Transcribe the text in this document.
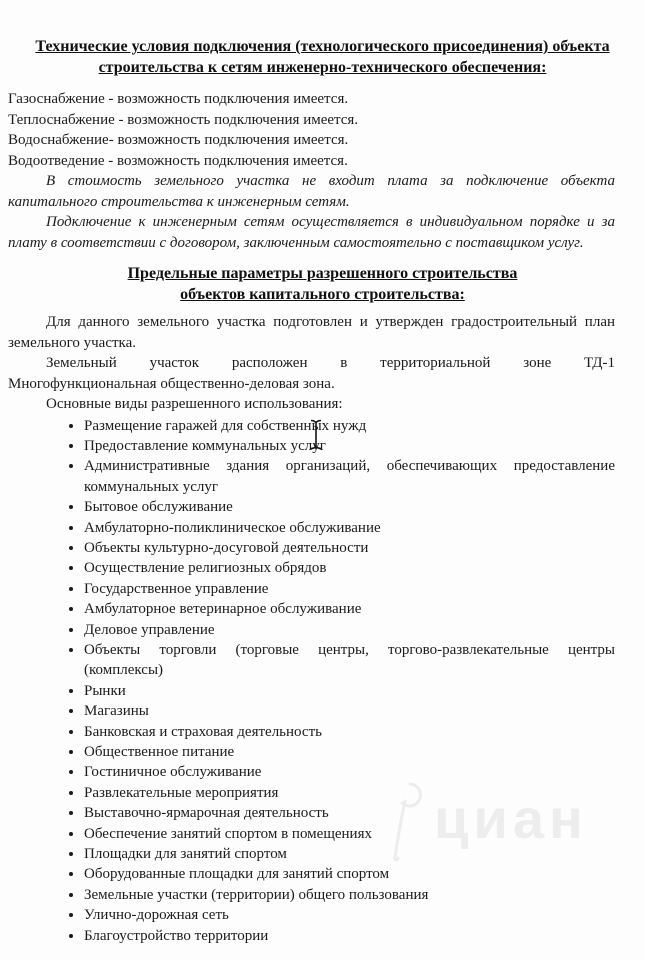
Технические условия подключения (технологического присоединения) объекта
строительства к сетям инженерно-технического обеспечения:
Газоснабжение - возможность подключения имеется.
Теплоснабжение - возможность подключения имеется.
Водоснабжение- возможность подключения имеется.
Водоотведение - возможность подключения имеется.
В стоимость земельного участка не входит плата за подключение объекта
капитального строительства к инженерным сетям.
Подключение к инженерным сетям осуществляется в индивидуальном порядке и за
плату в соответствии с договором, заключенным самостоятельно с поставщиком услуг.
Предельные параметры разрешенного строительства
объектов капитального строительства:
Для данного земельного участка подготовлен и утвержден градостроительный план
земельного участка.
Земельный участок расположен в территориальной зоне ТД-1
Многофункциональная общественно-деловая зона.
Основные виды разрешенного использования:
• Размещение гаражей для собственных нужд
• Предоставление коммунальных услуг
• Административные здания организаций, обеспечивающих предоставление коммунальных услуг
• Бытовое обслуживание
• Амбулаторно-поликлиническое обслуживание
• Объекты культурно-досуговой деятельности
• Осуществление религиозных обрядов
• Государственное управление
• Амбулаторное ветеринарное обслуживание
• Деловое управление
• Объекты торговли (торговые центры, торгово-развлекательные центры (комплексы)
• Рынки
• Магазины
• Банковская и страховая деятельность
• Общественное питание
• Гостиничное обслуживание
• Развлекательные мероприятия
• Выставочно-ярмарочная деятельность
• Обеспечение занятий спортом в помещениях
• Площадки для занятий спортом
• Оборудованные площадки для занятий спортом
• Земельные участки (территории) общего пользования
• Улично-дорожная сеть
• Благоустройство территории
циан
